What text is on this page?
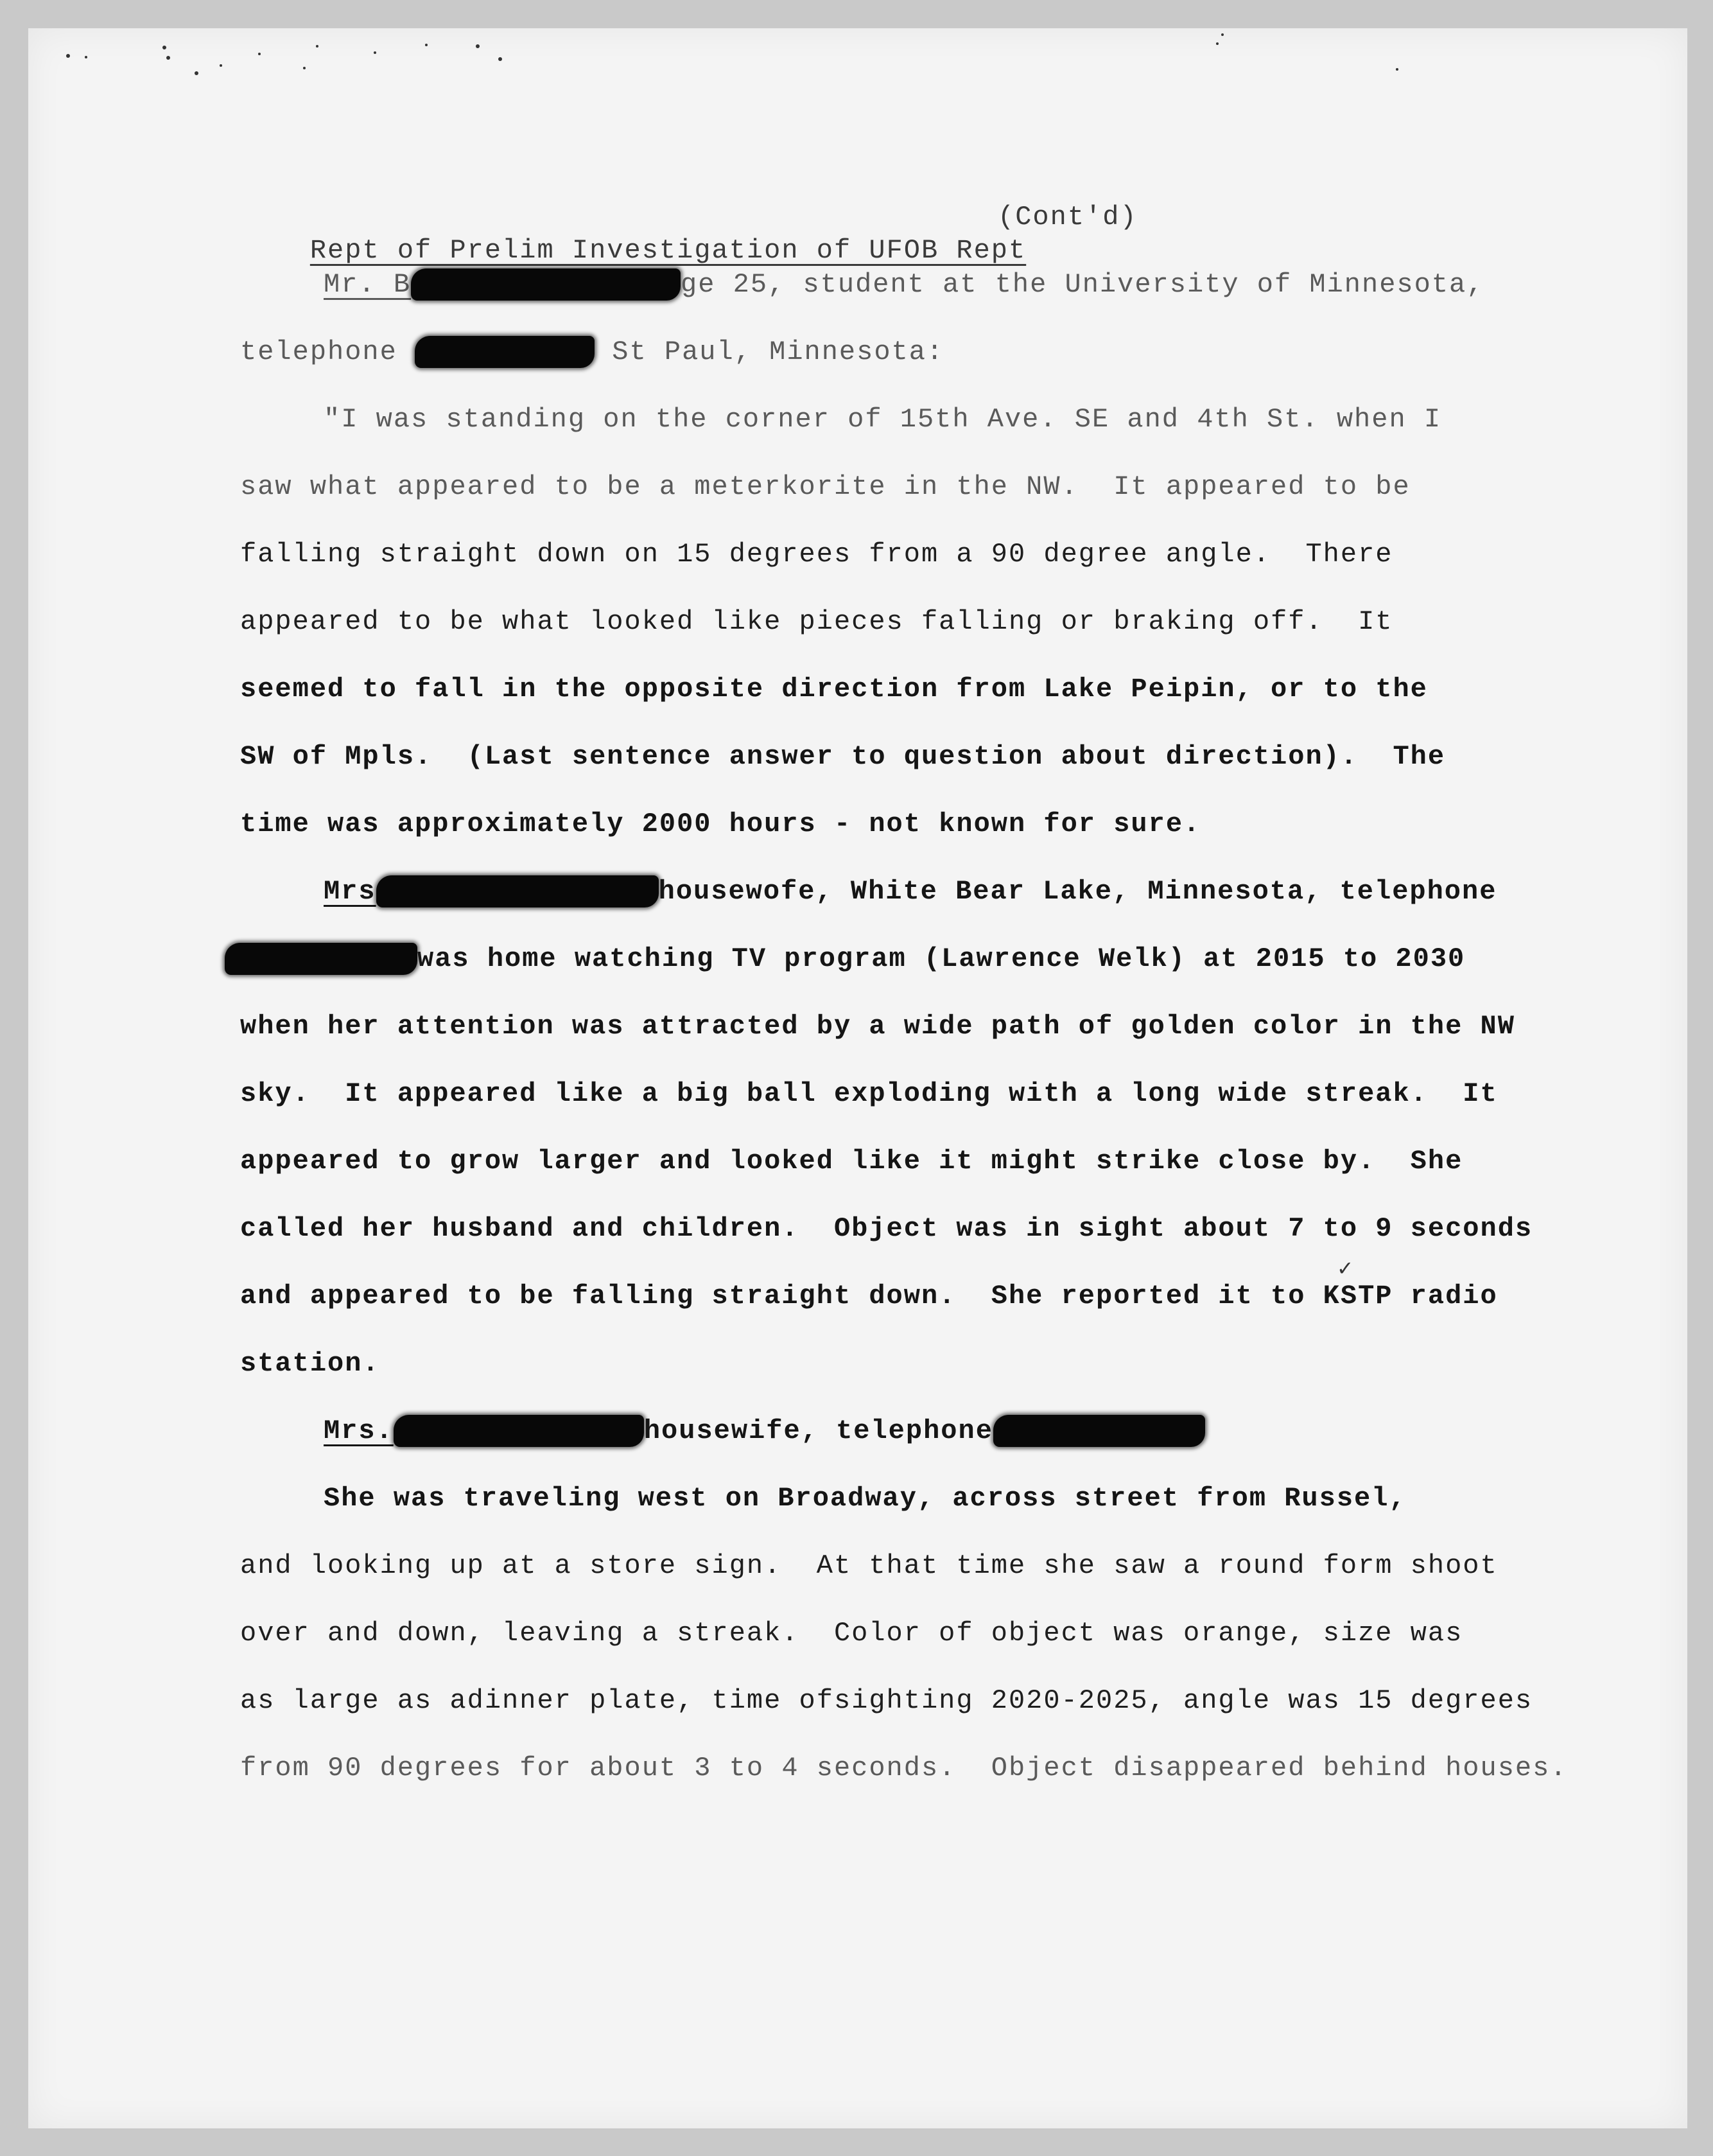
Rept of Prelim Investigation of UFOB Rept

(Cont'd)
Mr. B	ge 25, student at the University of Minnesota,
telephone	St Paul, Minnesota:
"I was standing on the corner of 15th Ave. SE and 4th St. when I
saw what appeared to be a meterkorite in the NW.  It appeared to be
falling straight down on 15 degrees from a 90 degree angle.  There
appeared to be what looked like pieces falling or braking off.  It
seemed to fall in the opposite direction from Lake Peipin, or to the
SW of Mpls.  (Last sentence answer to question about direction).  The
time was approximately 2000 hours - not known for sure.
Mrs	housewofe, White Bear Lake, Minnesota, telephone
was home watching TV program (Lawrence Welk) at 2015 to 2030
when her attention was attracted by a wide path of golden color in the NW
sky.  It appeared like a big ball exploding with a long wide streak.  It
appeared to grow larger and looked like it might strike close by.  She
called her husband and children.  Object was in sight about 7 to 9 seconds
✓
and appeared to be falling straight down.  She reported it to KSTP radio
station.
Mrs.	housewife, telephone
She was traveling west on Broadway, across street from Russel,
and looking up at a store sign.  At that time she saw a round form shoot
over and down, leaving a streak.  Color of object was orange, size was
as large as adinner plate, time ofsighting 2020-2025, angle was 15 degrees
from 90 degrees for about 3 to 4 seconds.  Object disappeared behind houses.
